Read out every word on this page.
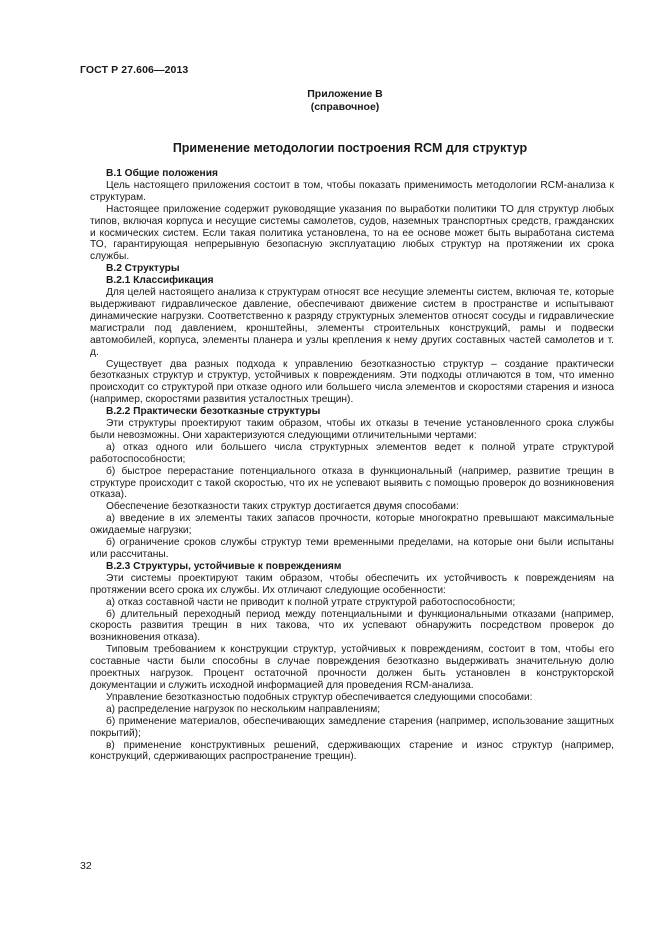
ГОСТ Р 27.606—2013
Приложение В
(справочное)
Применение методологии построения RCM для структур
В.1 Общие положения

Цель настоящего приложения состоит в том, чтобы показать применимость методологии RCM-анализа к структурам.

Настоящее приложение содержит руководящие указания по выработки политики ТО для структур любых типов, включая корпуса и несущие системы самолетов, судов, наземных транспортных средств, гражданских и космических систем. Если такая политика установлена, то на ее основе может быть выработана система ТО, гарантирующая непрерывную безопасную эксплуатацию любых структур на протяжении их срока службы.

В.2 Структуры
В.2.1 Классификация

Для целей настоящего анализа к структурам относят все несущие элементы систем, включая те, которые выдерживают гидравлическое давление, обеспечивают движение систем в пространстве и испытывают динамические нагрузки. Соответственно к разряду структурных элементов относят сосуды и гидравлические магистрали под давлением, кронштейны, элементы строительных конструкций, рамы и подвески автомобилей, корпуса, элементы планера и узлы крепления к нему других составных частей самолетов и т. д.

Существует два разных подхода к управлению безотказностью структур – создание практически безотказных структур и структур, устойчивых к повреждениям. Эти подходы отличаются в том, что именно происходит со структурой при отказе одного или большего числа элементов и скоростями старения и износа (например, скоростями развития усталостных трещин).

В.2.2 Практически безотказные структуры

Эти структуры проектируют таким образом, чтобы их отказы в течение установленного срока службы были невозможны. Они характеризуются следующими отличительными чертами:

а) отказ одного или большего числа структурных элементов ведет к полной утрате структурой работоспособности;

б) быстрое перерастание потенциального отказа в функциональный (например, развитие трещин в структуре происходит с такой скоростью, что их не успевают выявить с помощью проверок до возникновения отказа).

Обеспечение безотказности таких структур достигается двумя способами:

а) введение в их элементы таких запасов прочности, которые многократно превышают максимальные ожидаемые нагрузки;

б) ограничение сроков службы структур теми временными пределами, на которые они были испытаны или рассчитаны.

В.2.3 Структуры, устойчивые к повреждениям

Эти системы проектируют таким образом, чтобы обеспечить их устойчивость к повреждениям на протяжении всего срока их службы. Их отличают следующие особенности:

а) отказ составной части не приводит к полной утрате структурой работоспособности;

б) длительный переходный период между потенциальными и функциональными отказами (например, скорость развития трещин в них такова, что их успевают обнаружить посредством проверок до возникновения отказа).

Типовым требованием к конструкции структур, устойчивых к повреждениям, состоит в том, чтобы его составные части были способны в случае повреждения безотказно выдерживать значительную долю проектных нагрузок. Процент остаточной прочности должен быть установлен в конструкторской документации и служить исходной информацией для проведения RCM-анализа.

Управление безотказностью подобных структур обеспечивается следующими способами:

а) распределение нагрузок по нескольким направлениям;

б) применение материалов, обеспечивающих замедление старения (например, использование защитных покрытий);

в) применение конструктивных решений, сдерживающих старение и износ структур (например, конструкций, сдерживающих распространение трещин).

32
